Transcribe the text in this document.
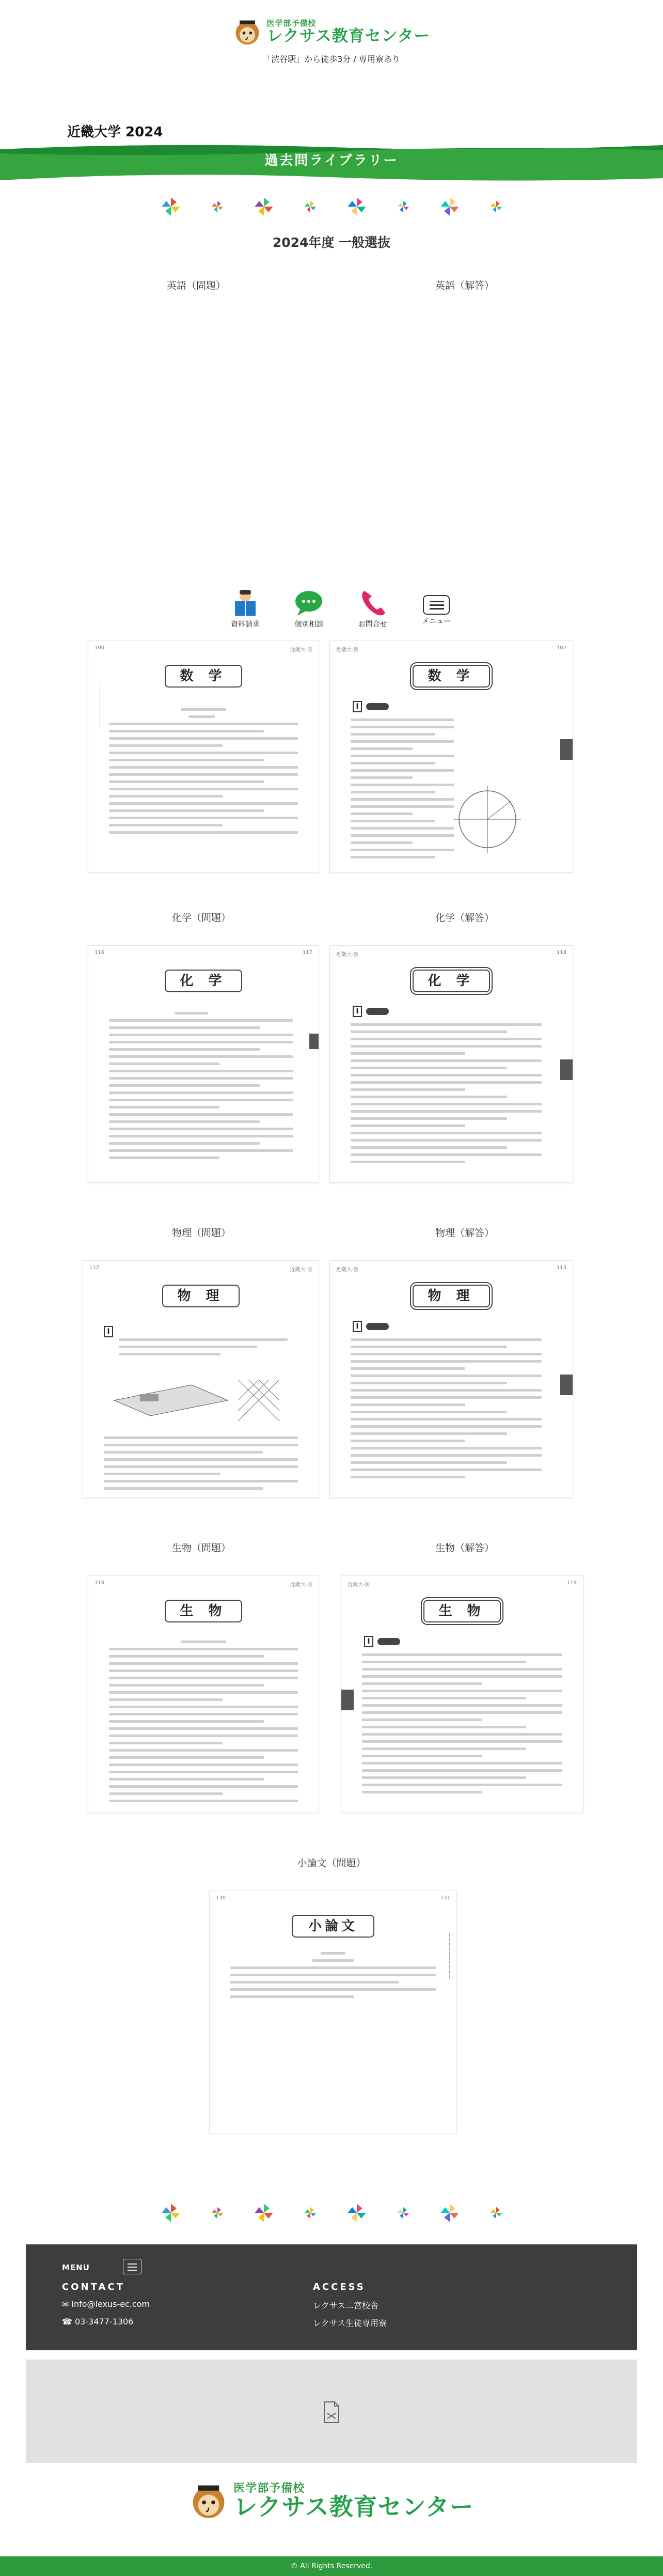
医学部予備校
レクサス教育センター
「渋谷駅」から徒歩3分 / 専用寮あり
近畿大学 2024
過去問ライブラリー
2024年度 一般選抜
英語（問題）	英語（解答）
資料請求	個別相談	お問合せ	メニュー
100	近畿大-医
数 学
ーーーーーーーーーー
近畿大-医	102
数 学
Ⅰ
化学（問題）	化学（解答）
116	117
化 学
近畿大-医	118
化 学
Ⅰ
物理（問題）	物理（解答）
112	近畿大-医
物 理
Ⅰ
近畿大-医	113
物 理
Ⅰ
生物（問題）	生物（解答）
118	近畿大-医
生 物
近畿大-医	119
生 物
Ⅰ
小論文（問題）
130	131
小論文
ーーーーーーーーーー
MENU
CONTACT
✉ info@lexus-ec.com
☎ 03-3477-1306
ACCESS
レクサス二宮校舎
レクサス生徒専用寮
医学部予備校
レクサス教育センター
© All Rights Reserved.
